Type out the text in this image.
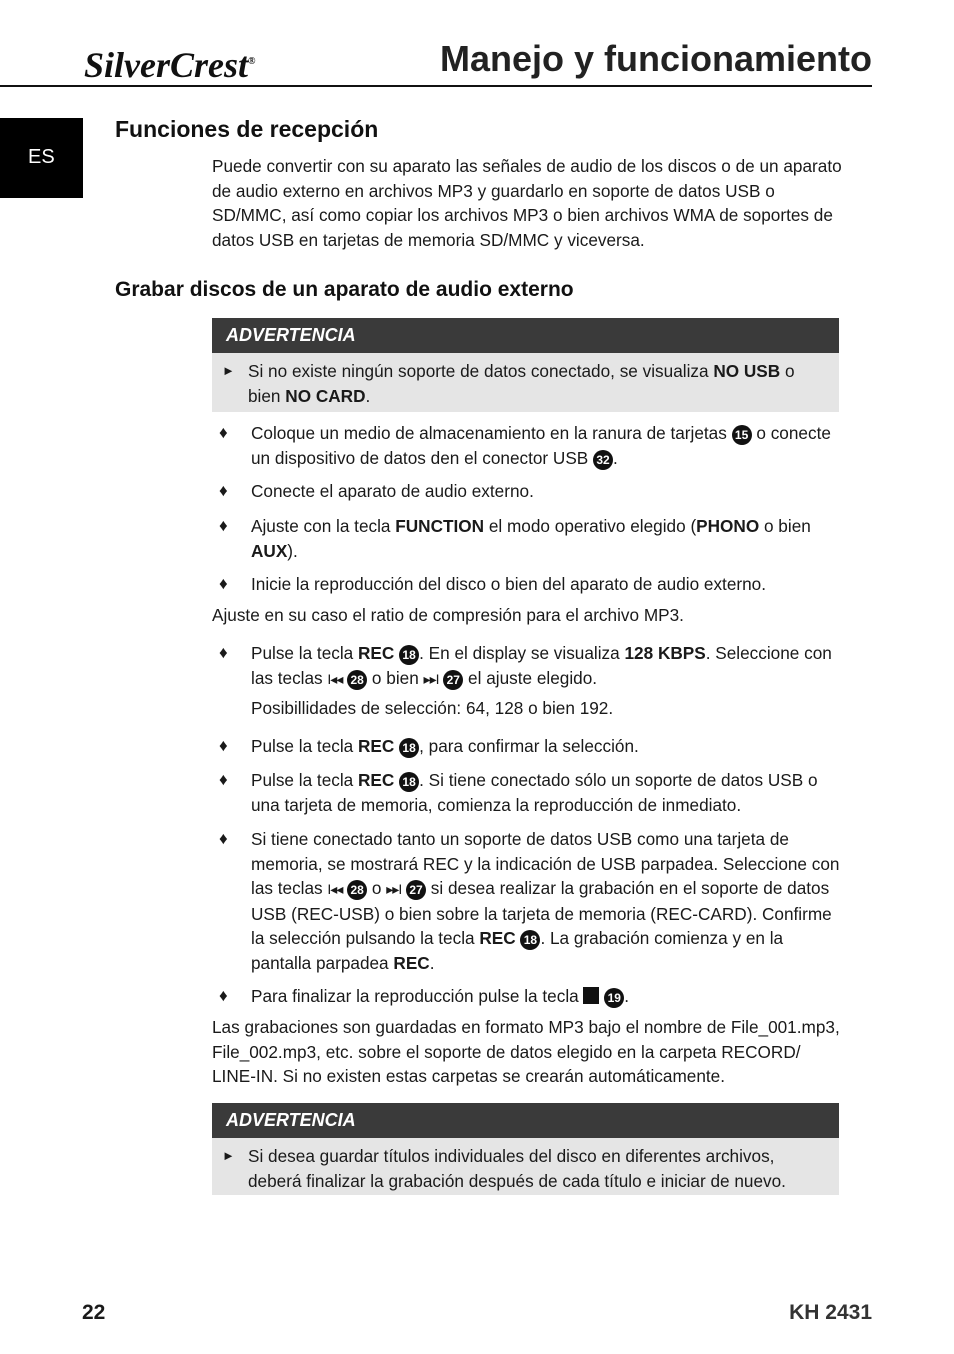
SilverCrest®	Manejo y funcionamiento
ES
Funciones de recepción

Puede convertir con su aparato las señales de audio de los discos o de un aparato de audio externo en archivos MP3 y guardarlo en soporte de datos USB o SD/MMC, así como copiar los archivos MP3 o bien archivos WMA de soportes de datos USB en tarjetas de memoria SD/MMC y viceversa.

Grabar discos de un aparato de audio externo
ADVERTENCIA
► Si no existe ningún soporte de datos conectado, se visualiza NO USB o bien NO CARD.
♦ Coloque un medio de almacenamiento en la ranura de tarjetas 15 o conecte un dispositivo de datos den el conector USB 32 .
♦ Conecte el aparato de audio externo.
♦ Ajuste con la tecla FUNCTION el modo operativo elegido (PHONO o bien AUX).
♦ Inicie la reproducción del disco o bien del aparato de audio externo.

Ajuste en su caso el ratio de compresión para el archivo MP3.

♦ Pulse la tecla REC 18 . En el display se visualiza 128 KBPS. Seleccione con las teclas I◂◂ 28 o bien ▸▸I 27 el ajuste elegido.
Posibillidades de selección: 64, 128 o bien 192.
♦ Pulse la tecla REC 18 , para confirmar la selección.
♦ Pulse la tecla REC 18 . Si tiene conectado sólo un soporte de datos USB o una tarjeta de memoria, comienza la reproducción de inmediato.
♦ Si tiene conectado tanto un soporte de datos USB como una tarjeta de memoria, se mostrará REC y la indicación de USB parpadea. Seleccione con las teclas I◂◂ 28 o ▸▸I 27 si desea realizar la grabación en el soporte de datos USB (REC-USB) o bien sobre la tarjeta de memoria (REC-CARD). Confirme la selección pulsando la tecla REC 18 . La grabación comienza y en la pantalla parpadea REC.
♦ Para finalizar la reproducción pulse la tecla  19 .

Las grabaciones son guardadas en formato MP3 bajo el nombre de File_001.mp3, File_002.mp3, etc. sobre el soporte de datos elegido en la carpeta RECORD/ LINE-IN. Si no existen estas carpetas se crearán automáticamente.

ADVERTENCIA
► Si desea guardar títulos individuales del disco en diferentes archivos, deberá finalizar la grabación después de cada título e iniciar de nuevo.
22	KH 2431
